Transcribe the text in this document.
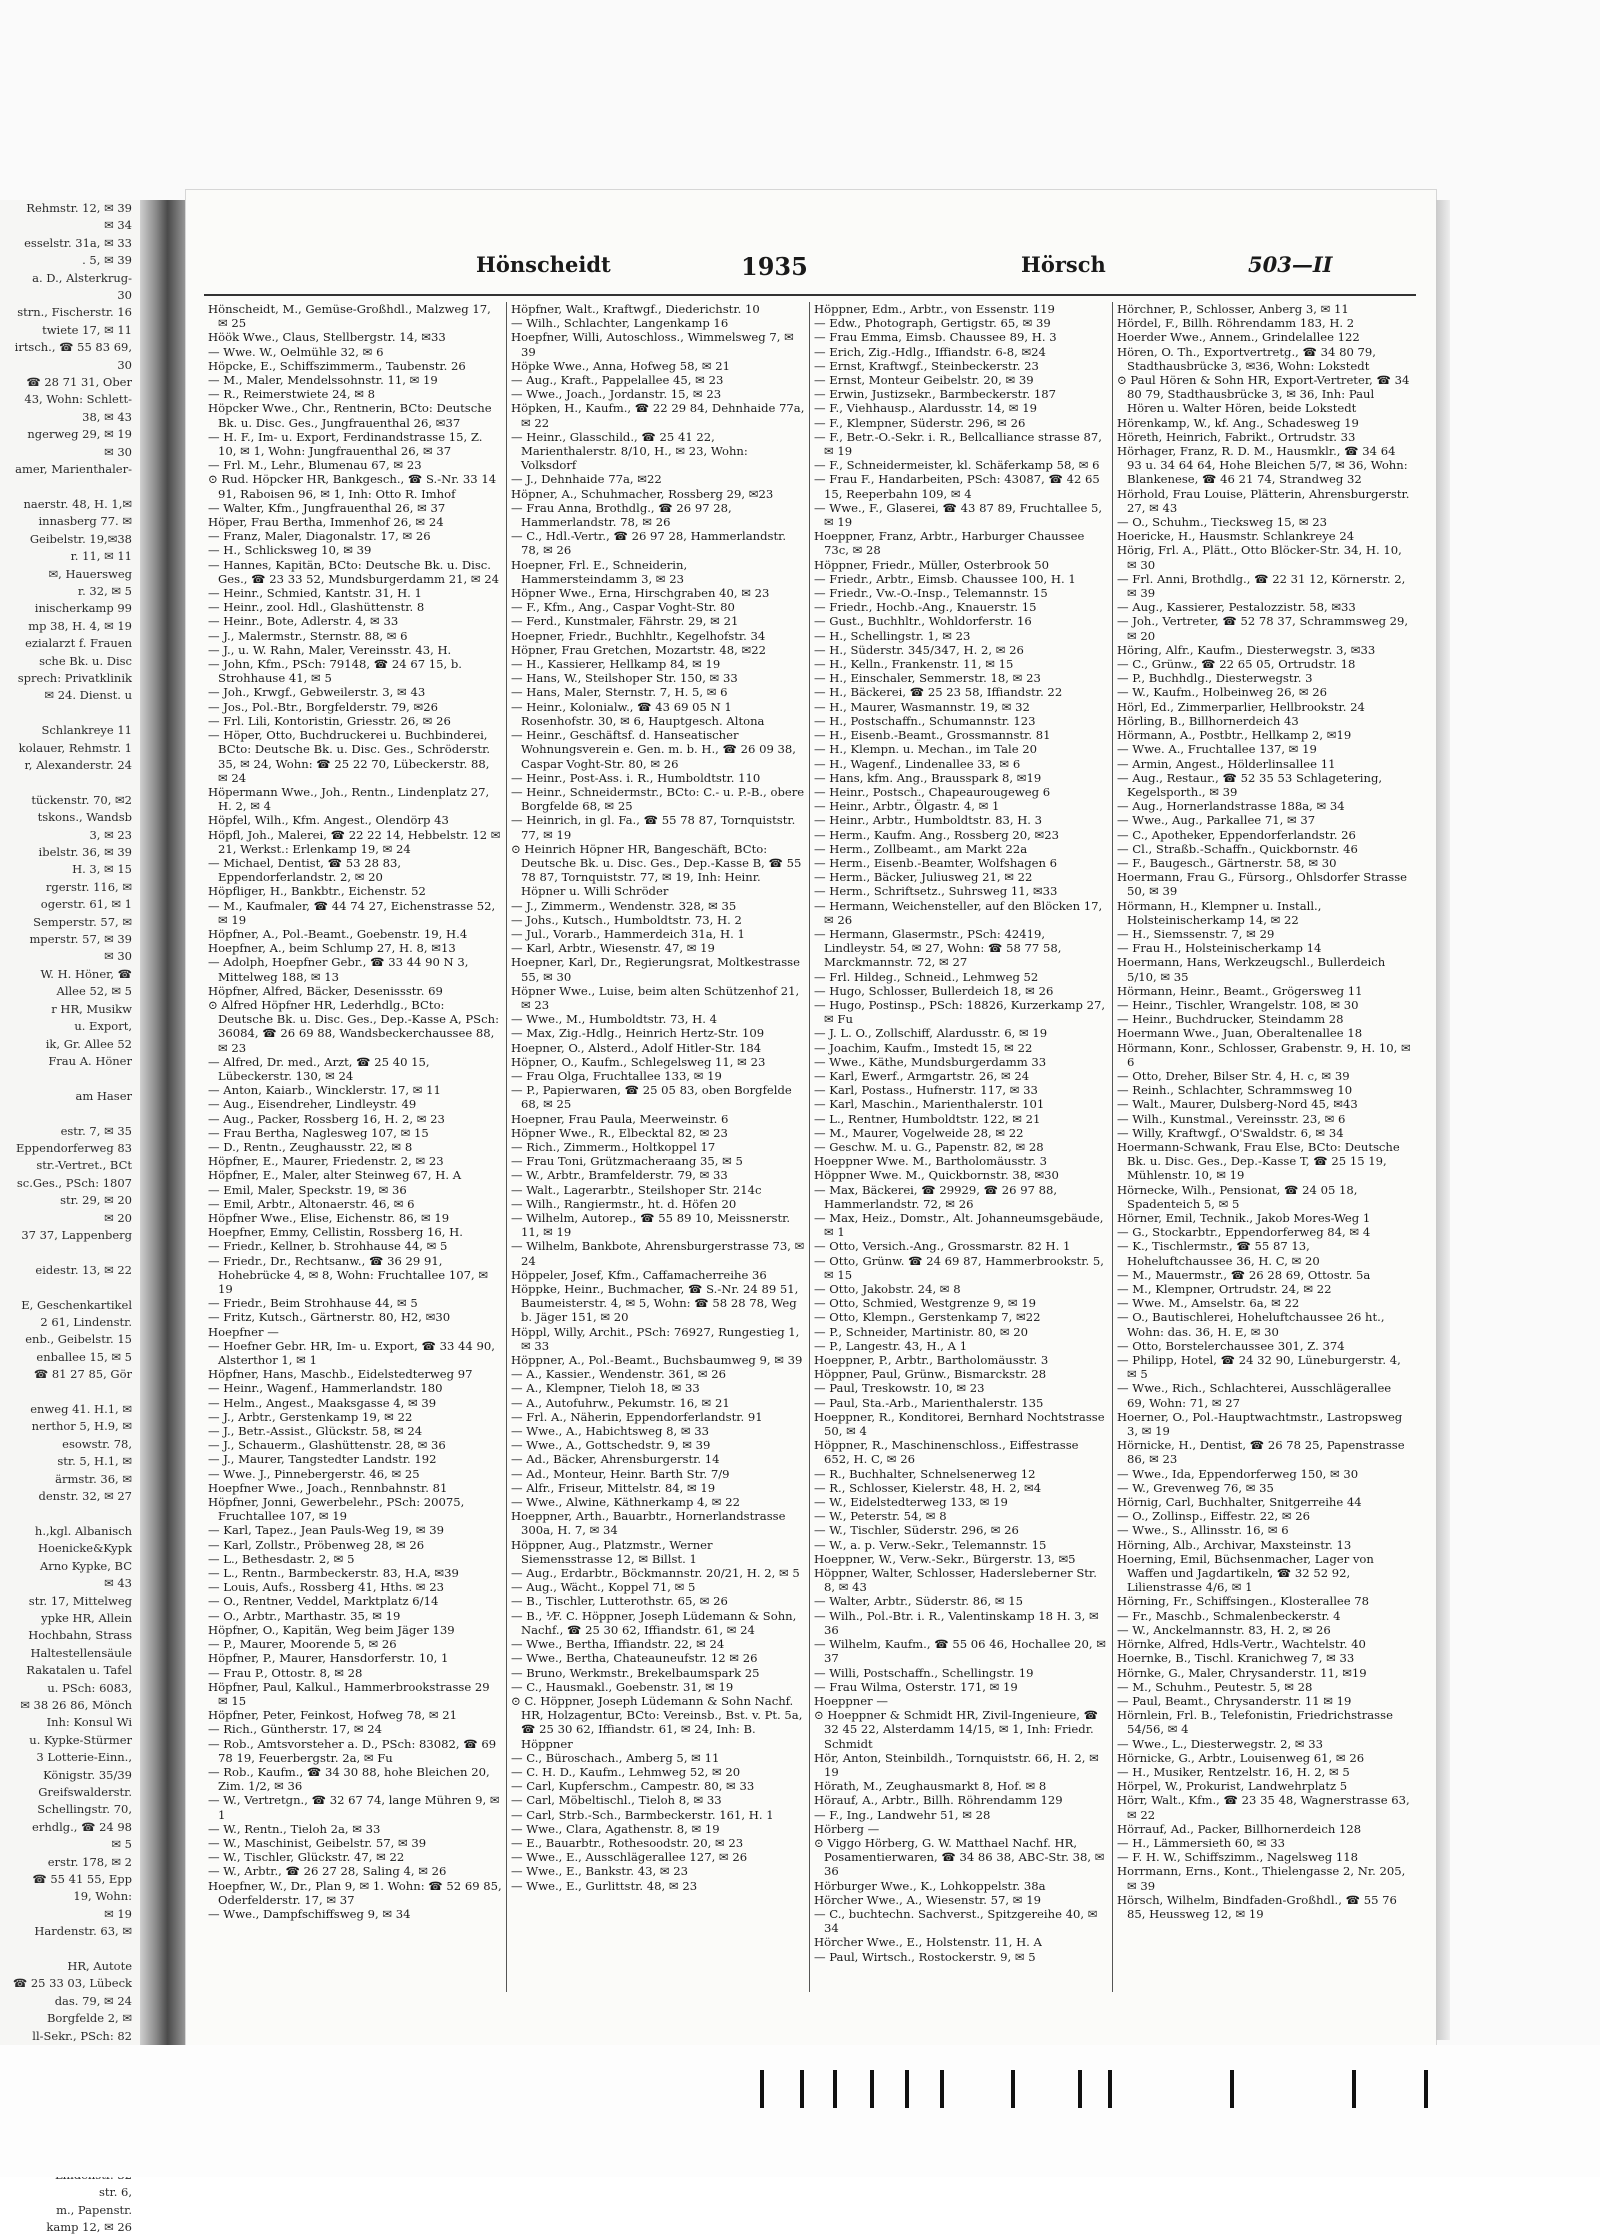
Rehmstr. 12, ✉ 39
✉ 34
esselstr. 31a, ✉ 33
. 5, ✉ 39
a. D., Alsterkrug-
30
strn., Fischerstr. 16
twiete 17, ✉ 11
irtsch., ☎ 55 83 69,
30
☎ 28 71 31, Ober
43, Wohn: Schlett-
38, ✉ 43
ngerweg 29, ✉ 19
✉ 30
amer, Marienthaler-

naerstr. 48, H. 1,✉
innasberg 77. ✉
Geibelstr. 19,✉38
r. 11, ✉ 11
✉, Hauersweg
r. 32, ✉ 5
inischerkamp 99
mp 38, H. 4, ✉ 19
ezialarzt f. Frauen
sche Bk. u. Disc
sprech: Privatklinik
✉ 24. Dienst. u

Schlankreye 11
kolauer, Rehmstr. 1
r, Alexanderstr. 24

tückenstr. 70, ✉2
tskons., Wandsb
3, ✉ 23
ibelstr. 36, ✉ 39
H. 3, ✉ 15
rgerstr. 116, ✉
ogerstr. 61, ✉ 1
Semperstr. 57, ✉
mperstr. 57, ✉ 39
✉ 30
W. H. Höner, ☎
Allee 52, ✉ 5
r HR, Musikw
u. Export,
ik, Gr. Allee 52
Frau A. Höner

am Haser

estr. 7, ✉ 35
Eppendorferweg 83
str.-Vertret., BCt
sc.Ges., PSch: 1807
str. 29, ✉ 20
✉ 20
37 37, Lappenberg

eidestr. 13, ✉ 22

E, Geschenkartikel
2 61, Lindenstr.
enb., Geibelstr. 15
enballee 15, ✉ 5
☎ 81 27 85, Gör

enweg 41. H.1, ✉
nerthor 5, H.9, ✉
esowstr. 78,
str. 5, H.1, ✉
ärmstr. 36, ✉
denstr. 32, ✉ 27

h.,kgl. Albanisch
Hoenicke&Kypk
Arno Kypke, BC
✉ 43
str. 17, Mittelweg
ypke HR, Allein
Hochbahn, Strass
Haltestellensäule
Rakatalen u. Tafel
u. PSch: 6083,
✉ 38 26 86, Mönch
Inh: Konsul Wi
u. Kypke-Stürmer
3 Lotterie-Einn.,
Königstr. 35/39
Greifswalderstr.
Schellingstr. 70,
erhdlg., ☎ 24 98
✉ 5
erstr. 178, ✉ 2
☎ 55 41 55, Epp
19, Wohn:
✉ 19
Hardenstr. 63, ✉

HR, Autote
☎ 25 33 03, Lübeck
das. 79, ✉ 24
Borgfelde 2, ✉
ll-Sekr., PSch: 82
str. 6,
m., Papenstr.
kamp 12, ✉ 26
Hönscheidt	1935	Hörsch	503—II
Hönscheidt, M., Gemüse-Großhdl., Malzweg 17, ✉ 25
Höök Wwe., Claus, Stellbergstr. 14, ✉33
— Wwe. W., Oelmühle 32, ✉ 6
Höpcke, E., Schiffszimmerm., Taubenstr. 26
— M., Maler, Mendelssohnstr. 11, ✉ 19
— R., Reimerstwiete 24, ✉ 8
Höpcker Wwe., Chr., Rentnerin, BCto: Deutsche Bk. u. Disc. Ges., Jungfrauenthal 26, ✉37
— H. F., Im- u. Export, Ferdinandstrasse 15, Z. 10, ✉ 1, Wohn: Jungfrauenthal 26, ✉ 37
— Frl. M., Lehr., Blumenau 67, ✉ 23
⊙ Rud. Höpcker HR, Bankgesch., ☎ S.-Nr. 33 14 91, Raboisen 96, ✉ 1, Inh: Otto R. Imhof
— Walter, Kfm., Jungfrauenthal 26, ✉ 37
Höper, Frau Bertha, Immenhof 26, ✉ 24
— Franz, Maler, Diagonalstr. 17, ✉ 26
— H., Schlicksweg 10, ✉ 39
— Hannes, Kapitän, BCto: Deutsche Bk. u. Disc. Ges., ☎ 23 33 52, Mundsburgerdamm 21, ✉ 24
— Heinr., Schmied, Kantstr. 31, H. 1
— Heinr., zool. Hdl., Glashüttenstr. 8
— Heinr., Bote, Adlerstr. 4, ✉ 33
— J., Malermstr., Sternstr. 88, ✉ 6
— J., u. W. Rahn, Maler, Vereinsstr. 43, H.
— John, Kfm., PSch: 79148, ☎ 24 67 15, b. Strohhause 41, ✉ 5
— Joh., Krwgf., Gebweilerstr. 3, ✉ 43
— Jos., Pol.-Btr., Borgfelderstr. 79, ✉26
— Frl. Lili, Kontoristin, Griesstr. 26, ✉ 26
— Höper, Otto, Buchdruckerei u. Buchbinderei, BCto: Deutsche Bk. u. Disc. Ges., Schröderstr. 35, ✉ 24, Wohn: ☎ 25 22 70, Lübeckerstr. 88, ✉ 24
Höpermann Wwe., Joh., Rentn., Lindenplatz 27, H. 2, ✉ 4
Höpfel, Wilh., Kfm. Angest., Olendörp 43
Höpfl, Joh., Malerei, ☎ 22 22 14, Hebbelstr. 12 ✉ 21, Werkst.: Erlenkamp 19, ✉ 24
— Michael, Dentist, ☎ 53 28 83, Eppendorferlandstr. 2, ✉ 20
Höpfliger, H., Bankbtr., Eichenstr. 52
— M., Kaufmaler, ☎ 44 74 27, Eichenstrasse 52, ✉ 19
Höpfner, A., Pol.-Beamt., Goebenstr. 19, H.4
Hoepfner, A., beim Schlump 27, H. 8, ✉13
— Adolph, Hoepfner Gebr., ☎ 33 44 90 N 3, Mittelweg 188, ✉ 13
Höpfner, Alfred, Bäcker, Desenissstr. 69
⊙ Alfred Höpfner HR, Lederhdlg., BCto: Deutsche Bk. u. Disc. Ges., Dep.-Kasse A, PSch: 36084, ☎ 26 69 88, Wandsbeckerchaussee 88, ✉ 23
— Alfred, Dr. med., Arzt, ☎ 25 40 15, Lübeckerstr. 130, ✉ 24
— Anton, Kaiarb., Wincklerstr. 17, ✉ 11
— Aug., Eisendreher, Lindleystr. 49
— Aug., Packer, Rossberg 16, H. 2, ✉ 23
— Frau Bertha, Naglesweg 107, ✉ 15
— D., Rentn., Zeughausstr. 22, ✉ 8
Höpfner, E., Maurer, Friedenstr. 2, ✉ 23
Höpfner, E., Maler, alter Steinweg 67, H. A
— Emil, Maler, Speckstr. 19, ✉ 36
— Emil, Arbtr., Altonaerstr. 46, ✉ 6
Höpfner Wwe., Elise, Eichenstr. 86, ✉ 19
Hoepfner, Emmy, Cellistin, Rossberg 16, H.
— Friedr., Kellner, b. Strohhause 44, ✉ 5
— Friedr., Dr., Rechtsanw., ☎ 36 29 91, Hohebrücke 4, ✉ 8, Wohn: Fruchtallee 107, ✉ 19
— Friedr., Beim Strohhause 44, ✉ 5
— Fritz, Kutsch., Gärtnerstr. 80, H2, ✉30
Hoepfner —
— Hoefner Gebr. HR, Im- u. Export, ☎ 33 44 90, Alsterthor 1, ✉ 1
Höpfner, Hans, Maschb., Eidelstedterweg 97
— Heinr., Wagenf., Hammerlandstr. 180
— Helm., Angest., Maaksgasse 4, ✉ 39
— J., Arbtr., Gerstenkamp 19, ✉ 22
— J., Betr.-Assist., Glückstr. 58, ✉ 24
— J., Schauerm., Glashüttenstr. 28, ✉ 36
— J., Maurer, Tangstedter Landstr. 192
— Wwe. J., Pinnebergerstr. 46, ✉ 25
Hoepfner Wwe., Joach., Rennbahnstr. 81
Höpfner, Jonni, Gewerbelehr., PSch: 20075, Fruchtallee 107, ✉ 19
— Karl, Tapez., Jean Pauls-Weg 19, ✉ 39
— Karl, Zollstr., Pröbenweg 28, ✉ 26
— L., Bethesdastr. 2, ✉ 5
— L., Rentn., Barmbeckerstr. 83, H.A, ✉39
— Louis, Aufs., Rossberg 41, Hths. ✉ 23
— O., Rentner, Veddel, Marktplatz 6/14
— O., Arbtr., Marthastr. 35, ✉ 19
Höpfner, O., Kapitän, Weg beim Jäger 139
— P., Maurer, Moorende 5, ✉ 26
Höpfner, P., Maurer, Hansdorferstr. 10, 1
— Frau P., Ottostr. 8, ✉ 28
Höpfner, Paul, Kalkul., Hammerbrookstrasse 29 ✉ 15
Höpfner, Peter, Feinkost, Hofweg 78, ✉ 21
— Rich., Güntherstr. 17, ✉ 24
— Rob., Amtsvorsteher a. D., PSch: 83082, ☎ 69 78 19, Feuerbergstr. 2a, ✉ Fu
— Rob., Kaufm., ☎ 34 30 88, hohe Bleichen 20, Zim. 1/2, ✉ 36
— W., Vertretgn., ☎ 32 67 74, lange Mühren 9, ✉ 1
— W., Rentn., Tieloh 2a, ✉ 33
— W., Maschinist, Geibelstr. 57, ✉ 39
— W., Tischler, Glückstr. 47, ✉ 22
— W., Arbtr., ☎ 26 27 28, Saling 4, ✉ 26
Hoepfner, W., Dr., Plan 9, ✉ 1. Wohn: ☎ 52 69 85, Oderfelderstr. 17, ✉ 37
— Wwe., Dampfschiffsweg 9, ✉ 34
Höpfner, Walt., Kraftwgf., Diederichstr. 10
— Wilh., Schlachter, Langenkamp 16
Hoepfner, Willi, Autoschloss., Wimmelsweg 7, ✉ 39
Höpke Wwe., Anna, Hofweg 58, ✉ 21
— Aug., Kraft., Pappelallee 45, ✉ 23
— Wwe., Joach., Jordanstr. 15, ✉ 23
Höpken, H., Kaufm., ☎ 22 29 84, Dehnhaide 77a, ✉ 22
— Heinr., Glasschild., ☎ 25 41 22, Marienthalerstr. 8/10, H., ✉ 23, Wohn: Volksdorf
— J., Dehnhaide 77a, ✉22
Höpner, A., Schuhmacher, Rossberg 29, ✉23
— Frau Anna, Brothdlg., ☎ 26 97 28, Hammerlandstr. 78, ✉ 26
— C., Hdl.-Vertr., ☎ 26 97 28, Hammerlandstr. 78, ✉ 26
Hoepner, Frl. E., Schneiderin, Hammersteindamm 3, ✉ 23
Höpner Wwe., Erna, Hirschgraben 40, ✉ 23
— F., Kfm., Ang., Caspar Voght-Str. 80
— Ferd., Kunstmaler, Fährstr. 29, ✉ 21
Hoepner, Friedr., Buchhltr., Kegelhofstr. 34
Höpner, Frau Gretchen, Mozartstr. 48, ✉22
— H., Kassierer, Hellkamp 84, ✉ 19
— Hans, W., Steilshoper Str. 150, ✉ 33
— Hans, Maler, Sternstr. 7, H. 5, ✉ 6
— Heinr., Kolonialw., ☎ 43 69 05 N 1 Rosenhofstr. 30, ✉ 6, Hauptgesch. Altona
— Heinr., Geschäftsf. d. Hanseatischer Wohnungsverein e. Gen. m. b. H., ☎ 26 09 38, Caspar Voght-Str. 80, ✉ 26
— Heinr., Post-Ass. i. R., Humboldtstr. 110
— Heinr., Schneidermstr., BCto: C.- u. P.-B., obere Borgfelde 68, ✉ 25
— Heinrich, in gl. Fa., ☎ 55 78 87, Tornquiststr. 77, ✉ 19
⊙ Heinrich Höpner HR, Bangeschäft, BCto: Deutsche Bk. u. Disc. Ges., Dep.-Kasse B, ☎ 55 78 87, Tornquiststr. 77, ✉ 19, Inh: Heinr. Höpner u. Willi Schröder
— J., Zimmerm., Wendenstr. 328, ✉ 35
— Johs., Kutsch., Humboldtstr. 73, H. 2
— Jul., Vorarb., Hammerdeich 31a, H. 1
— Karl, Arbtr., Wiesenstr. 47, ✉ 19
Hoepner, Karl, Dr., Regierungsrat, Moltkestrasse 55, ✉ 30
Höpner Wwe., Luise, beim alten Schützenhof 21, ✉ 23
— Wwe., M., Humboldtstr. 73, H. 4
— Max, Zig.-Hdlg., Heinrich Hertz-Str. 109
Hoepner, O., Alsterd., Adolf Hitler-Str. 184
Höpner, O., Kaufm., Schlegelsweg 11, ✉ 23
— Frau Olga, Fruchtallee 133, ✉ 19
— P., Papierwaren, ☎ 25 05 83, oben Borgfelde 68, ✉ 25
Hoepner, Frau Paula, Meerweinstr. 6
Höpner Wwe., R., Elbecktal 82, ✉ 23
— Rich., Zimmerm., Holtkoppel 17
— Frau Toni, Grützmacheraang 35, ✉ 5
— W., Arbtr., Bramfelderstr. 79, ✉ 33
— Walt., Lagerarbtr., Steilshoper Str. 214c
— Wilh., Rangiermstr., ht. d. Höfen 20
— Wilhelm, Autorep., ☎ 55 89 10, Meissnerstr. 11, ✉ 19
— Wilhelm, Bankbote, Ahrensburgerstrasse 73, ✉ 24
Höppeler, Josef, Kfm., Caffamacherreihe 36
Höppke, Heinr., Buchmacher, ☎ S.-Nr. 24 89 51, Baumeisterstr. 4, ✉ 5, Wohn: ☎ 58 28 78, Weg b. Jäger 151, ✉ 20
Höppl, Willy, Archit., PSch: 76927, Rungestieg 1, ✉ 33
Höppner, A., Pol.-Beamt., Buchsbaumweg 9, ✉ 39
— A., Kassier., Wendenstr. 361, ✉ 26
— A., Klempner, Tieloh 18, ✉ 33
— A., Autofuhrw., Pekumstr. 16, ✉ 21
— Frl. A., Näherin, Eppendorferlandstr. 91
— Wwe., A., Habichtsweg 8, ✉ 33
— Wwe., A., Gottschedstr. 9, ✉ 39
— Ad., Bäcker, Ahrensburgerstr. 14
— Ad., Monteur, Heinr. Barth Str. 7/9
— Alfr., Friseur, Mittelstr. 84, ✉ 19
— Wwe., Alwine, Käthnerkamp 4, ✉ 22
Hoeppner, Arth., Bauarbtr., Hornerlandstrasse 300a, H. 7, ✉ 34
Höppner, Aug., Platzmstr., Werner Siemensstrasse 12, ✉ Billst. 1
— Aug., Erdarbtr., Böckmannstr. 20/21, H. 2, ✉ 5
— Aug., Wächt., Koppel 71, ✉ 5
— B., Tischler, Lutterothstr. 65, ✉ 26
— B., ⅟F. C. Höppner, Joseph Lüdemann & Sohn, Nachf., ☎ 25 30 62, Iffiandstr. 61, ✉ 24
— Wwe., Bertha, Iffiandstr. 22, ✉ 24
— Wwe., Bertha, Chateauneufstr. 12 ✉ 26
— Bruno, Werkmstr., Brekelbaumspark 25
— C., Hausmakl., Goebenstr. 31, ✉ 19
⊙ C. Höppner, Joseph Lüdemann & Sohn Nachf. HR, Holzagentur, BCto: Vereinsb., Bst. v. Pt. 5a, ☎ 25 30 62, Iffiandstr. 61, ✉ 24, Inh: B. Höppner
— C., Büroschach., Amberg 5, ✉ 11
— C. H. D., Kaufm., Lehmweg 52, ✉ 20
— Carl, Kupferschm., Campestr. 80, ✉ 33
— Carl, Möbeltischl., Tieloh 8, ✉ 33
— Carl, Strb.-Sch., Barmbeckerstr. 161, H. 1
— Wwe., Clara, Agathenstr. 8, ✉ 19
— E., Bauarbtr., Rothesoodstr. 20, ✉ 23
— Wwe., E., Ausschlägerallee 127, ✉ 26
— Wwe., E., Bankstr. 43, ✉ 23
— Wwe., E., Gurlittstr. 48, ✉ 23
Höppner, Edm., Arbtr., von Essenstr. 119
— Edw., Photograph, Gertigstr. 65, ✉ 39
— Frau Emma, Eimsb. Chaussee 89, H. 3
— Erich, Zig.-Hdlg., Iffiandstr. 6-8, ✉24
— Ernst, Kraftwgf., Steinbeckerstr. 23
— Ernst, Monteur Geibelstr. 20, ✉ 39
— Erwin, Justizsekr., Barmbeckerstr. 187
— F., Viehhausp., Alardusstr. 14, ✉ 19
— F., Klempner, Süderstr. 296, ✉ 26
— F., Betr.-O.-Sekr. i. R., Bellcalliance strasse 87, ✉ 19
— F., Schneidermeister, kl. Schäferkamp 58, ✉ 6
— Frau F., Handarbeiten, PSch: 43087, ☎ 42 65 15, Reeperbahn 109, ✉ 4
— Wwe., F., Glaserei, ☎ 43 87 89, Fruchtallee 5, ✉ 19
Hoeppner, Franz, Arbtr., Harburger Chaussee 73c, ✉ 28
Höppner, Friedr., Müller, Osterbrook 50
— Friedr., Arbtr., Eimsb. Chaussee 100, H. 1
— Friedr., Vw.-O.-Insp., Telemannstr. 15
— Friedr., Hochb.-Ang., Knauerstr. 15
— Gust., Buchhltr., Wohldorferstr. 16
— H., Schellingstr. 1, ✉ 23
— H., Süderstr. 345/347, H. 2, ✉ 26
— H., Kelln., Frankenstr. 11, ✉ 15
— H., Einschaler, Semmerstr. 18, ✉ 23
— H., Bäckerei, ☎ 25 23 58, Iffiandstr. 22
— H., Maurer, Wasmannstr. 19, ✉ 32
— H., Postschaffn., Schumannstr. 123
— H., Eisenb.-Beamt., Grossmannstr. 81
— H., Klempn. u. Mechan., im Tale 20
— H., Wagenf., Lindenallee 33, ✉ 6
— Hans, kfm. Ang., Brausspark 8, ✉19
— Heinr., Postsch., Chapeaurougeweg 6
— Heinr., Arbtr., Ölgastr. 4, ✉ 1
— Heinr., Arbtr., Humboldtstr. 83, H. 3
— Herm., Kaufm. Ang., Rossberg 20, ✉23
— Herm., Zollbeamt., am Markt 22a
— Herm., Eisenb.-Beamter, Wolfshagen 6
— Herm., Bäcker, Juliusweg 21, ✉ 22
— Herm., Schriftsetz., Suhrsweg 11, ✉33
— Hermann, Weichensteller, auf den Blöcken 17, ✉ 26
— Hermann, Glasermstr., PSch: 42419, Lindleystr. 54, ✉ 27, Wohn: ☎ 58 77 58, Marckmannstr. 72, ✉ 27
— Frl. Hildeg., Schneid., Lehmweg 52
— Hugo, Schlosser, Bullerdeich 18, ✉ 26
— Hugo, Postinsp., PSch: 18826, Kurzerkamp 27, ✉ Fu
— J. L. O., Zollschiff, Alardusstr. 6, ✉ 19
— Joachim, Kaufm., Imstedt 15, ✉ 22
— Wwe., Käthe, Mundsburgerdamm 33
— Karl, Ewerf., Armgartstr. 26, ✉ 24
— Karl, Postass., Hufnerstr. 117, ✉ 33
— Karl, Maschin., Marienthalerstr. 101
— L., Rentner, Humboldtstr. 122, ✉ 21
— M., Maurer, Vogelweide 28, ✉ 22
— Geschw. M. u. G., Papenstr. 82, ✉ 28
Hoeppner Wwe. M., Bartholomäusstr. 3
Höppner Wwe. M., Quickbornstr. 38, ✉30
— Max, Bäckerei, ☎ 29929, ☎ 26 97 88, Hammerlandstr. 72, ✉ 26
— Max, Heiz., Domstr., Alt. Johanneumsgebäude, ✉ 1
— Otto, Versich.-Ang., Grossmarstr. 82 H. 1
— Otto, Grünw. ☎ 24 69 87, Hammerbrookstr. 5, ✉ 15
— Otto, Jakobstr. 24, ✉ 8
— Otto, Schmied, Westgrenze 9, ✉ 19
— Otto, Klempn., Gerstenkamp 7, ✉22
— P., Schneider, Martinistr. 80, ✉ 20
— P., Langestr. 43, H., A 1
Hoeppner, P., Arbtr., Bartholomäusstr. 3
Höppner, Paul, Grünw., Bismarckstr. 28
— Paul, Treskowstr. 10, ✉ 23
— Paul, Sta.-Arb., Marienthalerstr. 135
Hoeppner, R., Konditorei, Bernhard Nochtstrasse 50, ✉ 4
Höppner, R., Maschinenschloss., Eiffestrasse 652, H. C, ✉ 26
— R., Buchhalter, Schnelsenerweg 12
— R., Schlosser, Kielerstr. 48, H. 2, ✉4
— W., Eidelstedterweg 133, ✉ 19
— W., Peterstr. 54, ✉ 8
— W., Tischler, Süderstr. 296, ✉ 26
— W., a. p. Verw.-Sekr., Telemannstr. 15
Hoeppner, W., Verw.-Sekr., Bürgerstr. 13, ✉5
Höppner, Walter, Schlosser, Hadersleberner Str. 8, ✉ 43
— Walter, Arbtr., Süderstr. 86, ✉ 15
— Wilh., Pol.-Btr. i. R., Valentinskamp 18 H. 3, ✉ 36
— Wilhelm, Kaufm., ☎ 55 06 46, Hochallee 20, ✉ 37
— Willi, Postschaffn., Schellingstr. 19
— Frau Wilma, Osterstr. 171, ✉ 19
Hoeppner —
⊙ Hoeppner & Schmidt HR, Zivil-Ingenieure, ☎ 32 45 22, Alsterdamm 14/15, ✉ 1, Inh: Friedr. Schmidt
Hör, Anton, Steinbildh., Tornquiststr. 66, H. 2, ✉ 19
Hörath, M., Zeughausmarkt 8, Hof. ✉ 8
Hörauf, A., Arbtr., Billh. Röhrendamm 129
— F., Ing., Landwehr 51, ✉ 28
Hörberg —
⊙ Viggo Hörberg, G. W. Matthael Nachf. HR, Posamentierwaren, ☎ 34 86 38, ABC-Str. 38, ✉ 36
Hörburger Wwe., K., Lohkoppelstr. 38a
Hörcher Wwe., A., Wiesenstr. 57, ✉ 19
— C., buchtechn. Sachverst., Spitzgereihe 40, ✉ 34
Hörcher Wwe., E., Holstenstr. 11, H. A
— Paul, Wirtsch., Rostockerstr. 9, ✉ 5
Hörchner, P., Schlosser, Anberg 3, ✉ 11
Hördel, F., Billh. Röhrendamm 183, H. 2
Hoerder Wwe., Annem., Grindelallee 122
Hören, O. Th., Exportvertretg., ☎ 34 80 79, Stadthausbrücke 3, ✉36, Wohn: Lokstedt
⊙ Paul Hören & Sohn HR, Export-Vertreter, ☎ 34 80 79, Stadthausbrücke 3, ✉ 36, Inh: Paul Hören u. Walter Hören, beide Lokstedt
Hörenkamp, W., kf. Ang., Schadesweg 19
Höreth, Heinrich, Fabrikt., Ortrudstr. 33
Hörhager, Franz, R. D. M., Hausmklr., ☎ 34 64 93 u. 34 64 64, Hohe Bleichen 5/7, ✉ 36, Wohn: Blankenese, ☎ 46 21 74, Strandweg 32
Hörhold, Frau Louise, Plätterin, Ahrensburgerstr. 27, ✉ 43
— O., Schuhm., Tiecksweg 15, ✉ 23
Hoericke, H., Hausmstr. Schlankreye 24
Hörig, Frl. A., Plätt., Otto Blöcker-Str. 34, H. 10, ✉ 30
— Frl. Anni, Brothdlg., ☎ 22 31 12, Körnerstr. 2, ✉ 39
— Aug., Kassierer, Pestalozzistr. 58, ✉33
— Joh., Vertreter, ☎ 52 78 37, Schrammsweg 29, ✉ 20
Höring, Alfr., Kaufm., Diesterwegstr. 3, ✉33
— C., Grünw., ☎ 22 65 05, Ortrudstr. 18
— P., Buchhdlg., Diesterwegstr. 3
— W., Kaufm., Holbeinweg 26, ✉ 26
Hörl, Ed., Zimmerparlier, Hellbrookstr. 24
Hörling, B., Billhornerdeich 43
Hörmann, A., Postbtr., Hellkamp 2, ✉19
— Wwe. A., Fruchtallee 137, ✉ 19
— Armin, Angest., Hölderlinsallee 11
— Aug., Restaur., ☎ 52 35 53 Schlagetering, Kegelsporth., ✉ 39
— Aug., Hornerlandstrasse 188a, ✉ 34
— Wwe., Aug., Parkallee 71, ✉ 37
— C., Apotheker, Eppendorferlandstr. 26
— Cl., Straßb.-Schaffn., Quickbornstr. 46
— F., Baugesch., Gärtnerstr. 58, ✉ 30
Hoermann, Frau G., Fürsorg., Ohlsdorfer Strasse 50, ✉ 39
Hörmann, H., Klempner u. Install., Holsteinischerkamp 14, ✉ 22
— H., Siemssenstr. 7, ✉ 29
— Frau H., Holsteinischerkamp 14
Hoermann, Hans, Werkzeugschl., Bullerdeich 5/10, ✉ 35
Hörmann, Heinr., Beamt., Grögersweg 11
— Heinr., Tischler, Wrangelstr. 108, ✉ 30
— Heinr., Buchdrucker, Steindamm 28
Hoermann Wwe., Juan, Oberaltenallee 18
Hörmann, Konr., Schlosser, Grabenstr. 9, H. 10, ✉ 6
— Otto, Dreher, Bilser Str. 4, H. c, ✉ 39
— Reinh., Schlachter, Schrammsweg 10
— Walt., Maurer, Dulsberg-Nord 45, ✉43
— Wilh., Kunstmal., Vereinsstr. 23, ✉ 6
— Willy, Kraftwgf., O'Swaldstr. 6, ✉ 34
Hoermann-Schwank, Frau Else, BCto: Deutsche Bk. u. Disc. Ges., Dep.-Kasse T, ☎ 25 15 19, Mühlenstr. 10, ✉ 19
Hörnecke, Wilh., Pensionat, ☎ 24 05 18, Spadenteich 5, ✉ 5
Hörner, Emil, Technik., Jakob Mores-Weg 1
— G., Stockarbtr., Eppendorferweg 84, ✉ 4
— K., Tischlermstr., ☎ 55 87 13, Hoheluftchaussee 36, H. C, ✉ 20
— M., Mauermstr., ☎ 26 28 69, Ottostr. 5a
— M., Klempner, Ortrudstr. 24, ✉ 22
— Wwe. M., Amselstr. 6a, ✉ 22
— O., Bautischlerei, Hoheluftchaussee 26 ht., Wohn: das. 36, H. E, ✉ 30
— Otto, Borstelerchaussee 301, Z. 374
— Philipp, Hotel, ☎ 24 32 90, Lüneburgerstr. 4, ✉ 5
— Wwe., Rich., Schlachterei, Ausschlägerallee 69, Wohn: 71, ✉ 27
Hoerner, O., Pol.-Hauptwachtmstr., Lastropsweg 3, ✉ 19
Hörnicke, H., Dentist, ☎ 26 78 25, Papenstrasse 86, ✉ 23
— Wwe., Ida, Eppendorferweg 150, ✉ 30
— W., Grevenweg 76, ✉ 35
Hörnig, Carl, Buchhalter, Snitgerreihe 44
— O., Zollinsp., Eiffestr. 22, ✉ 26
— Wwe., S., Allinsstr. 16, ✉ 6
Hörning, Alb., Archivar, Maxsteinstr. 13
Hoerning, Emil, Büchsenmacher, Lager von Waffen und Jagdartikeln, ☎ 32 52 92, Lilienstrasse 4/6, ✉ 1
Hörning, Fr., Schiffsingen., Klosterallee 78
— Fr., Maschb., Schmalenbeckerstr. 4
— W., Anckelmannstr. 83, H. 2, ✉ 26
Hörnke, Alfred, Hdls-Vertr., Wachtelstr. 40
Hoernke, B., Tischl. Kranichweg 7, ✉ 33
Hörnke, G., Maler, Chrysanderstr. 11, ✉19
— M., Schuhm., Peutestr. 5, ✉ 28
— Paul, Beamt., Chrysanderstr. 11 ✉ 19
Hörnlein, Frl. B., Telefonistin, Friedrichstrasse 54/56, ✉ 4
— Wwe., L., Diesterwegstr. 2, ✉ 33
Hörnicke, G., Arbtr., Louisenweg 61, ✉ 26
— H., Musiker, Rentzelstr. 16, H. 2, ✉ 5
Hörpel, W., Prokurist, Landwehrplatz 5
Hörr, Walt., Kfm., ☎ 23 35 48, Wagnerstrasse 63, ✉ 22
Hörrauf, Ad., Packer, Billhornerdeich 128
— H., Lämmersieth 60, ✉ 33
— F. H. W., Schiffszimm., Nagelsweg 118
Horrmann, Erns., Kont., Thielengasse 2, Nr. 205, ✉ 39
Hörsch, Wilhelm, Bindfaden-Großhdl., ☎ 55 76 85, Heussweg 12, ✉ 19
